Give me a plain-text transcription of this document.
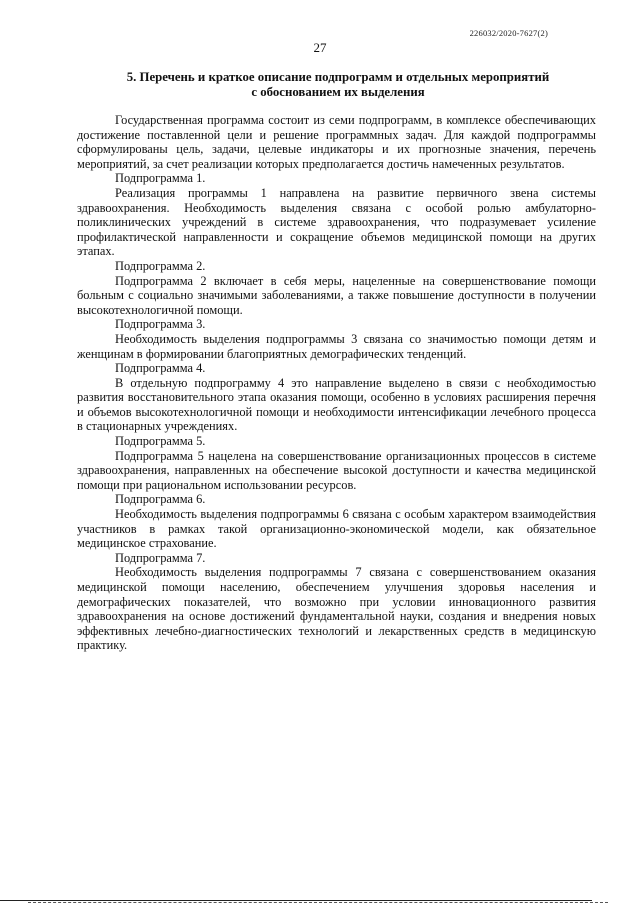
226032/2020-7627(2)
27
5. Перечень и краткое описание подпрограмм и отдельных мероприятий
с обоснованием их выделения

Государственная программа состоит из семи подпрограмм, в комплексе обеспечивающих достижение поставленной цели и решение программных задач. Для каждой подпрограммы сформулированы цель, задачи, целевые индикаторы и их прогнозные значения, перечень мероприятий, за счет реализации которых предполагается достичь намеченных результатов.

Подпрограмма 1.

Реализация программы 1 направлена на развитие первичного звена системы здравоохранения. Необходимость выделения связана с особой ролью амбулаторно-поликлинических учреждений в системе здравоохранения, что подразумевает усиление профилактической направленности и сокращение объемов медицинской помощи на других этапах.

Подпрограмма 2.

Подпрограмма 2 включает в себя меры, нацеленные на совершенствование помощи больным с социально значимыми заболеваниями, а также повышение доступности в получении высокотехнологичной помощи.

Подпрограмма 3.

Необходимость выделения подпрограммы 3 связана со значимостью помощи детям и женщинам в формировании благоприятных демографических тенденций.

Подпрограмма 4.

В отдельную подпрограмму 4 это направление выделено в связи с необходимостью развития восстановительного этапа оказания помощи, особенно в условиях расширения перечня и объемов высокотехнологичной помощи и необходимости интенсификации лечебного процесса в стационарных учреждениях.

Подпрограмма 5.

Подпрограмма 5 нацелена на совершенствование организационных процессов в системе здравоохранения, направленных на обеспечение высокой доступности и качества медицинской помощи при рациональном использовании ресурсов.

Подпрограмма 6.

Необходимость выделения подпрограммы 6 связана с особым характером взаимодействия участников в рамках такой организационно-экономической модели, как обязательное медицинское страхование.

Подпрограмма 7.

Необходимость выделения подпрограммы 7 связана с совершенствованием оказания медицинской помощи населению, обеспечением улучшения здоровья населения и демографических показателей, что возможно при условии инновационного развития здравоохранения на основе достижений фундаментальной науки, создания и внедрения новых эффективных лечебно-диагностических технологий и лекарственных средств в медицинскую практику.
